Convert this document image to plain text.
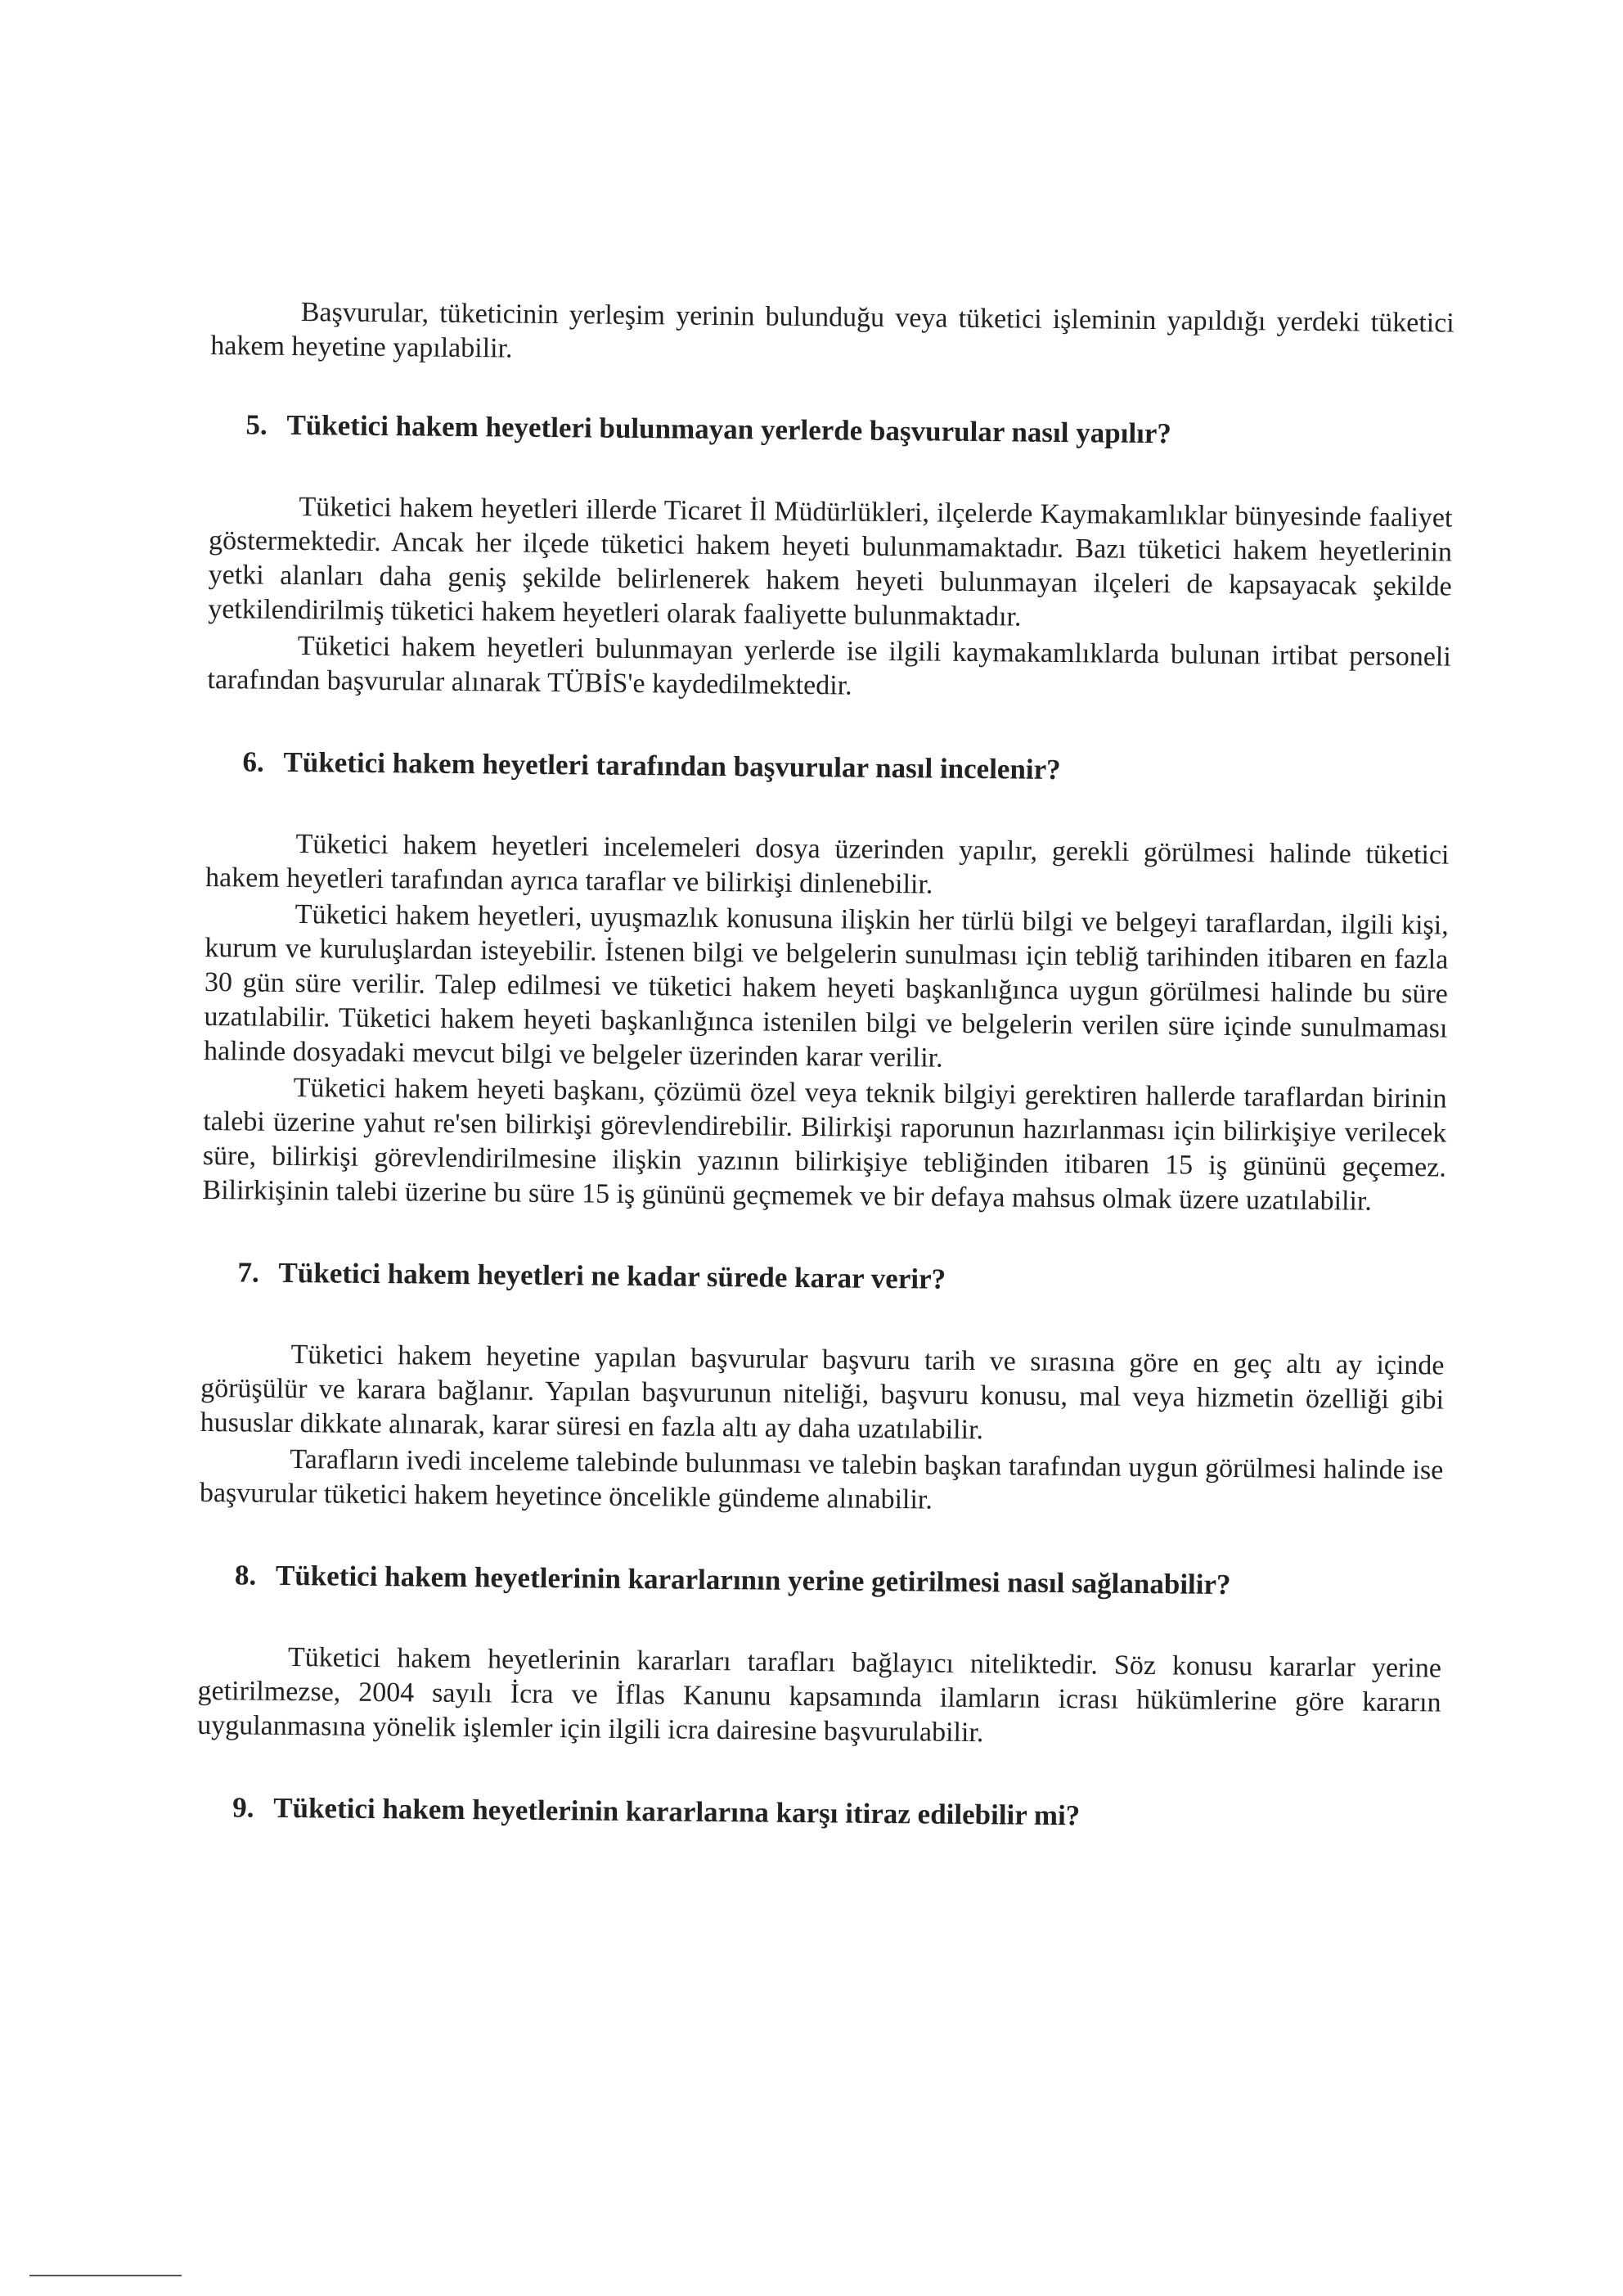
Başvurular, tüketicinin yerleşim yerinin bulunduğu veya tüketici işleminin yapıldığı yerdeki tüketici hakem heyetine yapılabilir.

5. Tüketici hakem heyetleri bulunmayan yerlerde başvurular nasıl yapılır?

Tüketici hakem heyetleri illerde Ticaret İl Müdürlükleri, ilçelerde Kaymakamlıklar bünyesinde faaliyet göstermektedir. Ancak her ilçede tüketici hakem heyeti bulunmamaktadır. Bazı tüketici hakem heyetlerinin yetki alanları daha geniş şekilde belirlenerek hakem heyeti bulunmayan ilçeleri de kapsayacak şekilde yetkilendirilmiş tüketici hakem heyetleri olarak faaliyette bulunmaktadır.

Tüketici hakem heyetleri bulunmayan yerlerde ise ilgili kaymakamlıklarda bulunan irtibat personeli tarafından başvurular alınarak TÜBİS'e kaydedilmektedir.

6. Tüketici hakem heyetleri tarafından başvurular nasıl incelenir?

Tüketici hakem heyetleri incelemeleri dosya üzerinden yapılır, gerekli görülmesi halinde tüketici hakem heyetleri tarafından ayrıca taraflar ve bilirkişi dinlenebilir.

Tüketici hakem heyetleri, uyuşmazlık konusuna ilişkin her türlü bilgi ve belgeyi taraflardan, ilgili kişi, kurum ve kuruluşlardan isteyebilir. İstenen bilgi ve belgelerin sunulması için tebliğ tarihinden itibaren en fazla 30 gün süre verilir. Talep edilmesi ve tüketici hakem heyeti başkanlığınca uygun görülmesi halinde bu süre uzatılabilir. Tüketici hakem heyeti başkanlığınca istenilen bilgi ve belgelerin verilen süre içinde sunulmaması halinde dosyadaki mevcut bilgi ve belgeler üzerinden karar verilir.

Tüketici hakem heyeti başkanı, çözümü özel veya teknik bilgiyi gerektiren hallerde taraflardan birinin talebi üzerine yahut re'sen bilirkişi görevlendirebilir. Bilirkişi raporunun hazırlanması için bilirkişiye verilecek süre, bilirkişi görevlendirilmesine ilişkin yazının bilirkişiye tebliğinden itibaren 15 iş gününü geçemez. Bilirkişinin talebi üzerine bu süre 15 iş gününü geçmemek ve bir defaya mahsus olmak üzere uzatılabilir.

7. Tüketici hakem heyetleri ne kadar sürede karar verir?

Tüketici hakem heyetine yapılan başvurular başvuru tarih ve sırasına göre en geç altı ay içinde görüşülür ve karara bağlanır. Yapılan başvurunun niteliği, başvuru konusu, mal veya hizmetin özelliği gibi hususlar dikkate alınarak, karar süresi en fazla altı ay daha uzatılabilir.

Tarafların ivedi inceleme talebinde bulunması ve talebin başkan tarafından uygun görülmesi halinde ise başvurular tüketici hakem heyetince öncelikle gündeme alınabilir.

8. Tüketici hakem heyetlerinin kararlarının yerine getirilmesi nasıl sağlanabilir?

Tüketici hakem heyetlerinin kararları tarafları bağlayıcı niteliktedir. Söz konusu kararlar yerine getirilmezse, 2004 sayılı İcra ve İflas Kanunu kapsamında ilamların icrası hükümlerine göre kararın uygulanmasına yönelik işlemler için ilgili icra dairesine başvurulabilir.

9. Tüketici hakem heyetlerinin kararlarına karşı itiraz edilebilir mi?
